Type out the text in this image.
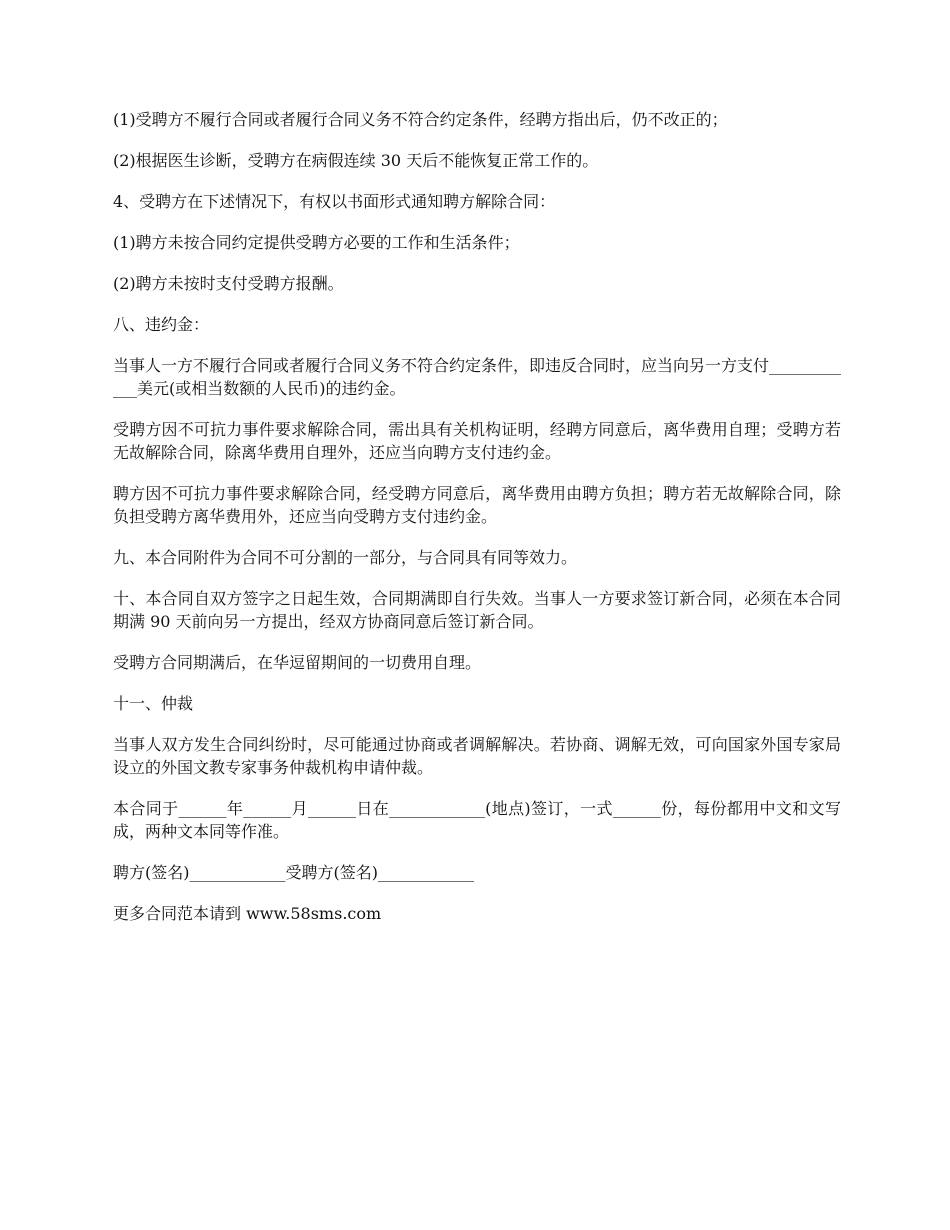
(1)受聘方不履行合同或者履行合同义务不符合约定条件，经聘方指出后，仍不改正的；

(2)根据医生诊断，受聘方在病假连续 30 天后不能恢复正常工作的。

4、受聘方在下述情况下，有权以书面形式通知聘方解除合同：

(1)聘方未按合同约定提供受聘方必要的工作和生活条件；

(2)聘方未按时支付受聘方报酬。

八、违约金：

当事人一方不履行合同或者履行合同义务不符合约定条件，即违反合同时，应当向另一方支付____________美元(或相当数额的人民币)的违约金。

受聘方因不可抗力事件要求解除合同，需出具有关机构证明，经聘方同意后，离华费用自理；受聘方若无故解除合同，除离华费用自理外，还应当向聘方支付违约金。

聘方因不可抗力事件要求解除合同，经受聘方同意后，离华费用由聘方负担；聘方若无故解除合同，除负担受聘方离华费用外，还应当向受聘方支付违约金。

九、本合同附件为合同不可分割的一部分，与合同具有同等效力。

十、本合同自双方签字之日起生效，合同期满即自行失效。当事人一方要求签订新合同，必须在本合同期满 90 天前向另一方提出，经双方协商同意后签订新合同。

受聘方合同期满后，在华逗留期间的一切费用自理。

十一、仲裁

当事人双方发生合同纠纷时，尽可能通过协商或者调解解决。若协商、调解无效，可向国家外国专家局设立的外国文教专家事务仲裁机构申请仲裁。

本合同于______年______月______日在____________(地点)签订，一式______份，每份都用中文和文写成，两种文本同等作准。

聘方(签名)____________受聘方(签名)____________

更多合同范本请到 www.58sms.com
